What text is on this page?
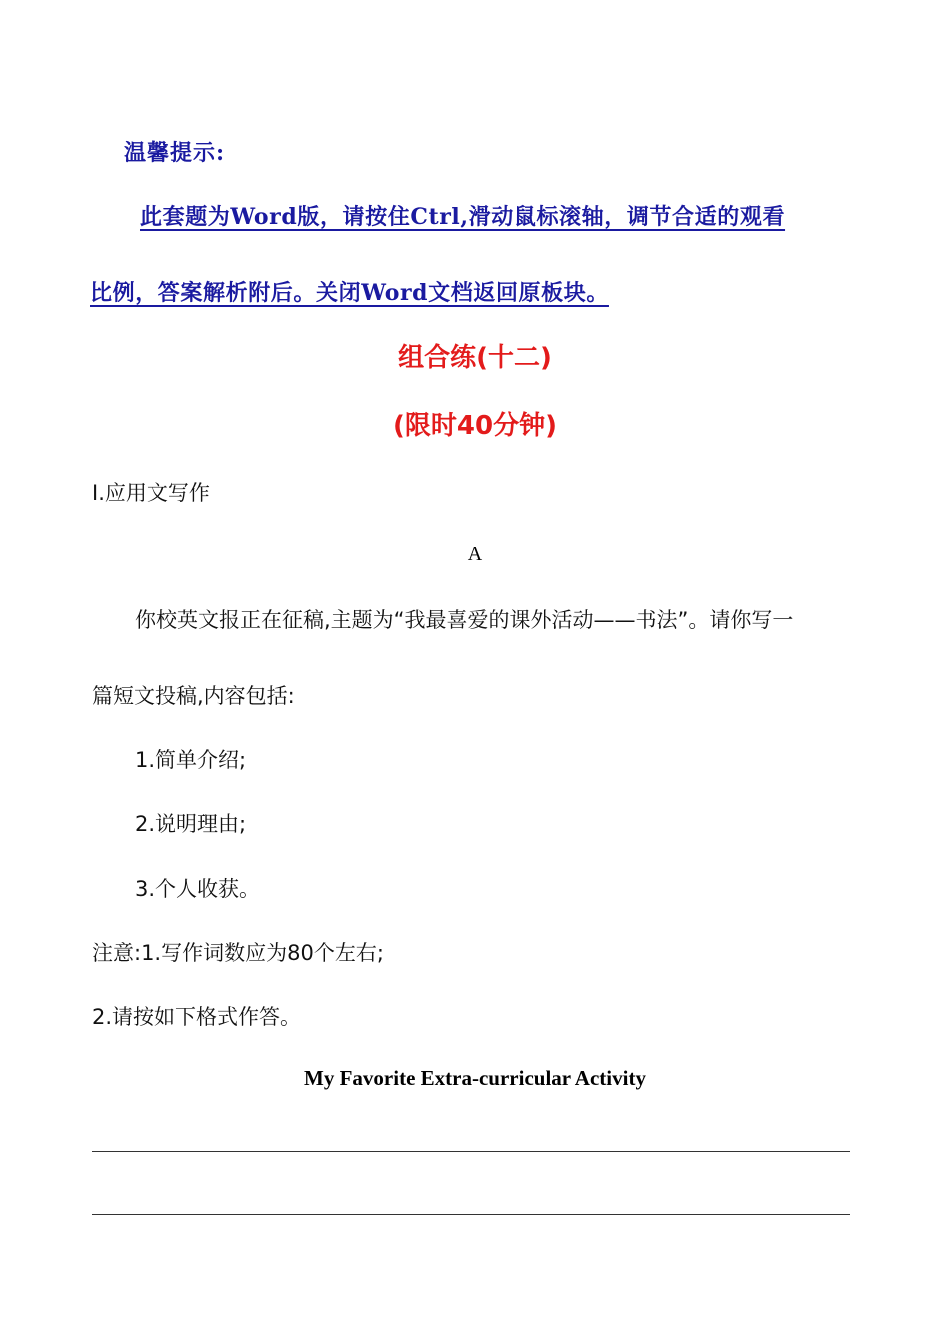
温馨提示:

此套题为Word版，请按住Ctrl,滑动鼠标滚轴，调节合适的观看

比例，答案解析附后。关闭Word文档返回原板块。

组合练(十二)
(限时40分钟)

Ⅰ.应用文写作

A

你校英文报正在征稿,主题为“我最喜爱的课外活动——书法”。请你写一

篇短文投稿,内容包括:

1.简单介绍;

2.说明理由;

3.个人收获。

注意:1.写作词数应为80个左右;

2.请按如下格式作答。

My Favorite Extra-curricular Activity
